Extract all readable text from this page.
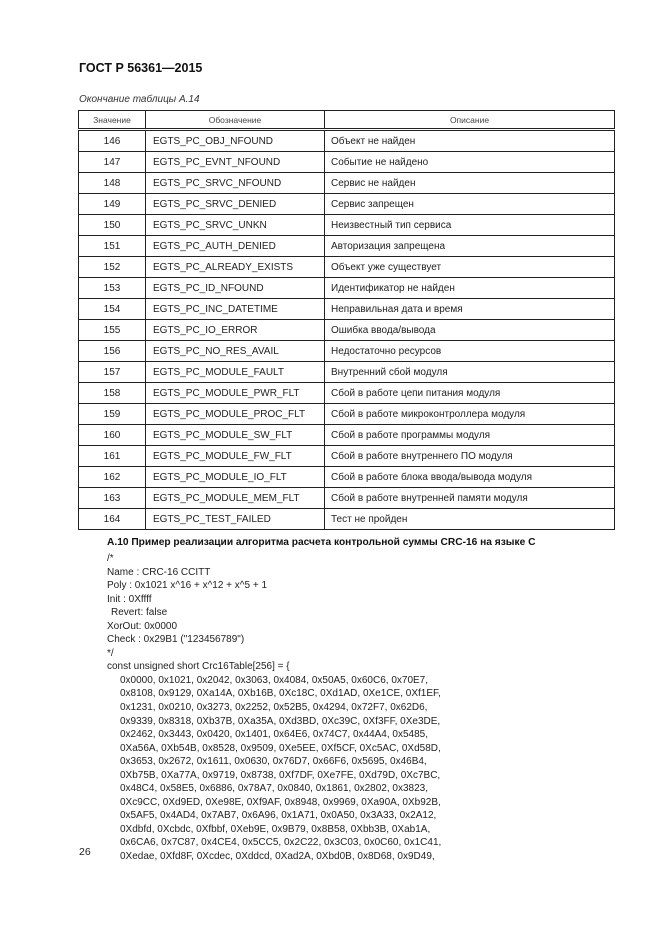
ГОСТ Р 56361—2015
Окончание таблицы А.14
Значение	Обозначение	Описание
146	EGTS_PC_OBJ_NFOUND	Объект не найден
147	EGTS_PC_EVNT_NFOUND	Событие не найдено
148	EGTS_PC_SRVC_NFOUND	Сервис не найден
149	EGTS_PC_SRVC_DENIED	Сервис запрещен
150	EGTS_PC_SRVC_UNKN	Неизвестный тип сервиса
151	EGTS_PC_AUTH_DENIED	Авторизация запрещена
152	EGTS_PC_ALREADY_EXISTS	Объект уже существует
153	EGTS_PC_ID_NFOUND	Идентификатор не найден
154	EGTS_PC_INC_DATETIME	Неправильная дата и время
155	EGTS_PC_IO_ERROR	Ошибка ввода/вывода
156	EGTS_PC_NO_RES_AVAIL	Недостаточно ресурсов
157	EGTS_PC_MODULE_FAULT	Внутренний сбой модуля
158	EGTS_PC_MODULE_PWR_FLT	Сбой в работе цепи питания модуля
159	EGTS_PC_MODULE_PROC_FLT	Сбой в работе микроконтроллера модуля
160	EGTS_PC_MODULE_SW_FLT	Сбой в работе программы модуля
161	EGTS_PC_MODULE_FW_FLT	Сбой в работе внутреннего ПО модуля
162	EGTS_PC_MODULE_IO_FLT	Сбой в работе блока ввода/вывода модуля
163	EGTS_PC_MODULE_MEM_FLT	Сбой в работе внутренней памяти модуля
164	EGTS_PC_TEST_FAILED	Тест не пройден
А.10 Пример реализации алгоритма расчета контрольной суммы CRC-16 на языке С
/*
Name : CRC-16 CCITT
Poly : 0x1021 x^16 + x^12 + x^5 + 1
Init : 0Xffff
Revert: false
XorOut: 0x0000
Check : 0x29B1 ("123456789")
*/
const unsigned short Crc16Table[256] = {
0x0000, 0x1021, 0x2042, 0x3063, 0x4084, 0x50A5, 0x60C6, 0x70E7,
0x8108, 0x9129, 0Xa14A, 0Xb16B, 0Xc18C, 0Xd1AD, 0Xe1CE, 0Xf1EF,
0x1231, 0x0210, 0x3273, 0x2252, 0x52B5, 0x4294, 0x72F7, 0x62D6,
0x9339, 0x8318, 0Xb37B, 0Xa35A, 0Xd3BD, 0Xc39C, 0Xf3FF, 0Xe3DE,
0x2462, 0x3443, 0x0420, 0x1401, 0x64E6, 0x74C7, 0x44A4, 0x5485,
0Xa56A, 0Xb54B, 0x8528, 0x9509, 0Xe5EE, 0Xf5CF, 0Xc5AC, 0Xd58D,
0x3653, 0x2672, 0x1611, 0x0630, 0x76D7, 0x66F6, 0x5695, 0x46B4,
0Xb75B, 0Xa77A, 0x9719, 0x8738, 0Xf7DF, 0Xe7FE, 0Xd79D, 0Xc7BC,
0x48C4, 0x58E5, 0x6886, 0x78A7, 0x0840, 0x1861, 0x2802, 0x3823,
0Xc9CC, 0Xd9ED, 0Xe98E, 0Xf9AF, 0x8948, 0x9969, 0Xa90A, 0Xb92B,
0x5AF5, 0x4AD4, 0x7AB7, 0x6A96, 0x1A71, 0x0A50, 0x3A33, 0x2A12,
0Xdbfd, 0Xcbdc, 0Xfbbf, 0Xeb9E, 0x9B79, 0x8B58, 0Xbb3B, 0Xab1A,
0x6CA6, 0x7C87, 0x4CE4, 0x5CC5, 0x2C22, 0x3C03, 0x0C60, 0x1C41,
0Xedae, 0Xfd8F, 0Xcdec, 0Xddcd, 0Xad2A, 0Xbd0B, 0x8D68, 0x9D49,
26
